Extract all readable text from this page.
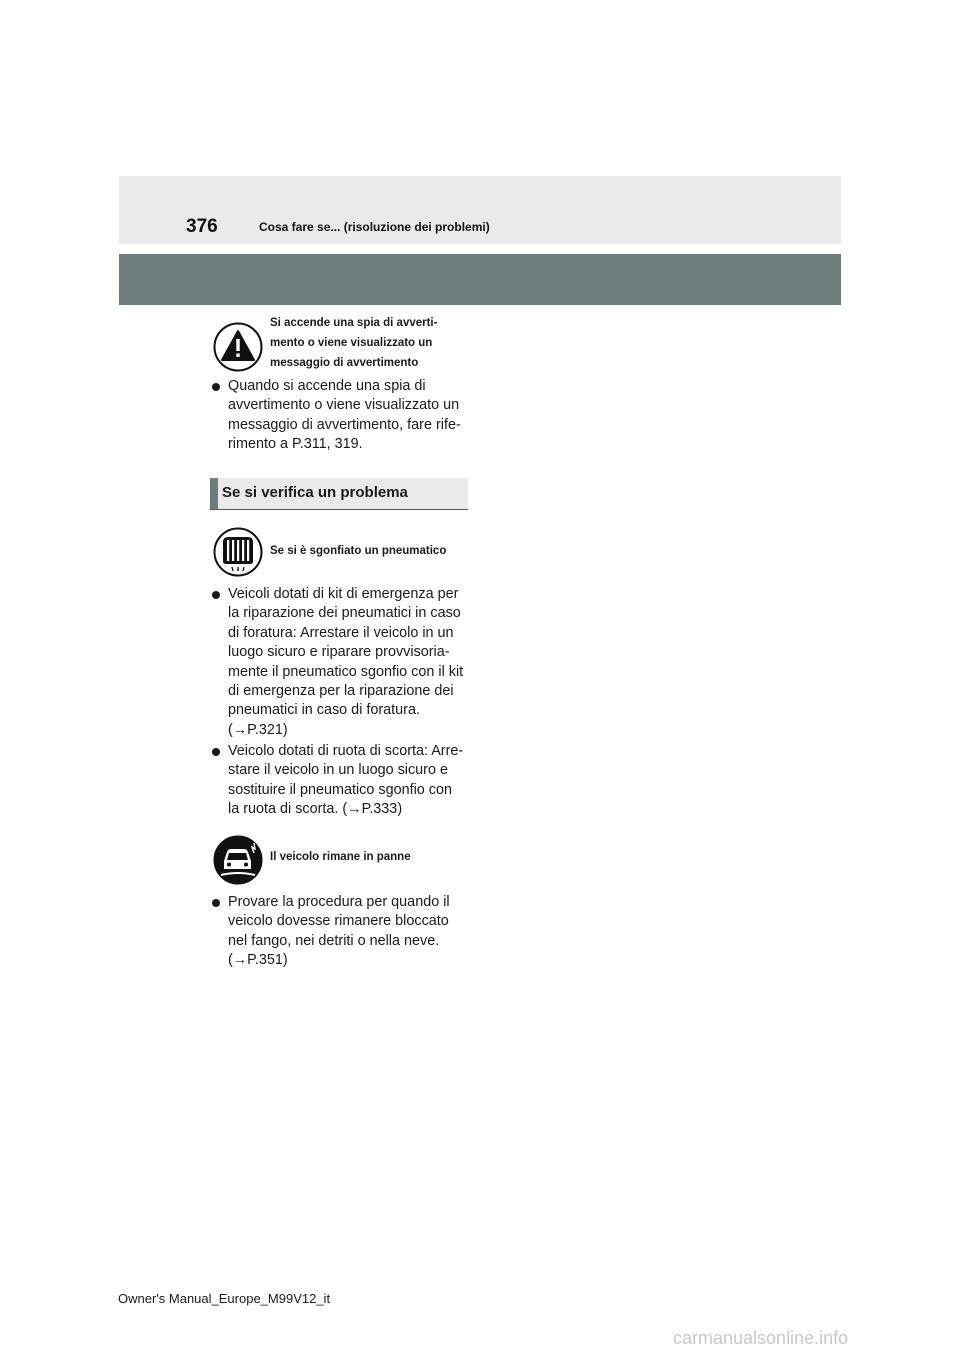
376	Cosa fare se... (risoluzione dei problemi)
Si accende una spia di avverti-
mento o viene visualizzato un
messaggio di avvertimento
Quando si accende una spia di
avvertimento o viene visualizzato un
messaggio di avvertimento, fare rife-
rimento a P.311, 319.
Se si verifica un problema
Se si è sgonfiato un pneumatico
Veicoli dotati di kit di emergenza per
la riparazione dei pneumatici in caso
di foratura: Arrestare il veicolo in un
luogo sicuro e riparare provvisoria-
mente il pneumatico sgonfio con il kit
di emergenza per la riparazione dei
pneumatici in caso di foratura.
(→P.321)
Veicolo dotati di ruota di scorta: Arre-
stare il veicolo in un luogo sicuro e
sostituire il pneumatico sgonfio con
la ruota di scorta. (→P.333)
Il veicolo rimane in panne
Provare la procedura per quando il
veicolo dovesse rimanere bloccato
nel fango, nei detriti o nella neve.
(→P.351)
Owner's Manual_Europe_M99V12_it
carmanualsonline.info
